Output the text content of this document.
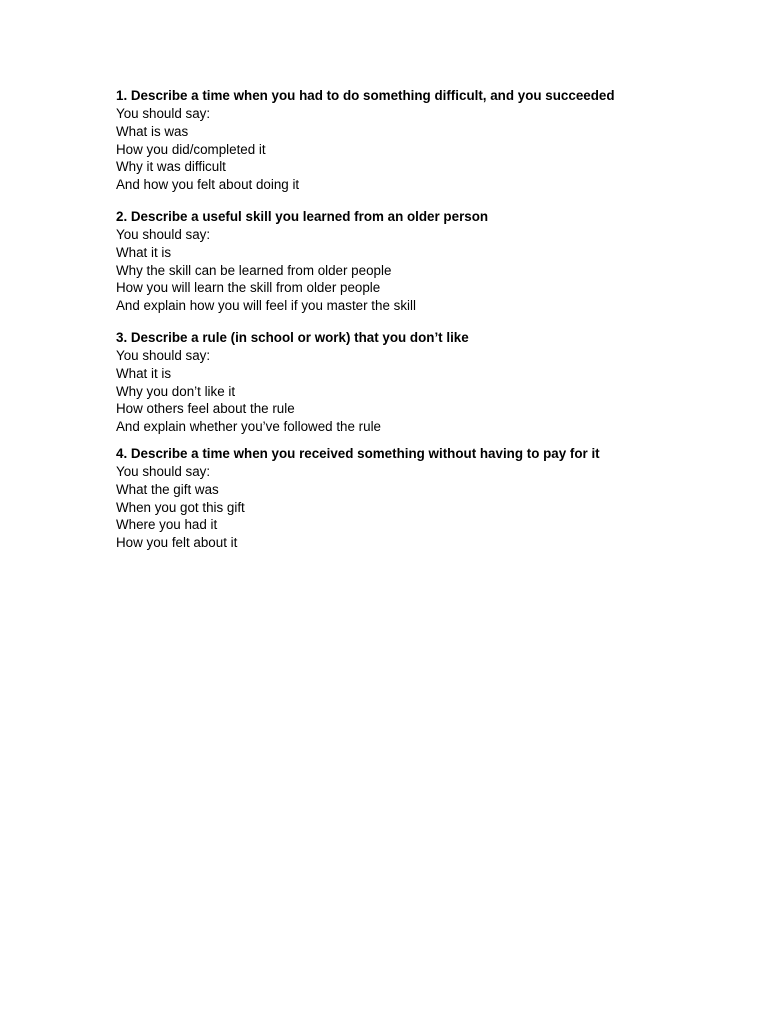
1. Describe a time when you had to do something difficult, and you succeeded
You should say:
What is was
How you did/completed it
Why it was difficult
And how you felt about doing it
2. Describe a useful skill you learned from an older person
You should say:
What it is
Why the skill can be learned from older people
How you will learn the skill from older people
And explain how you will feel if you master the skill
3. Describe a rule (in school or work) that you don’t like
You should say:
What it is
Why you don’t like it
How others feel about the rule
And explain whether you’ve followed the rule
4. Describe a time when you received something without having to pay for it
You should say:
What the gift was
When you got this gift
Where you had it
How you felt about it
